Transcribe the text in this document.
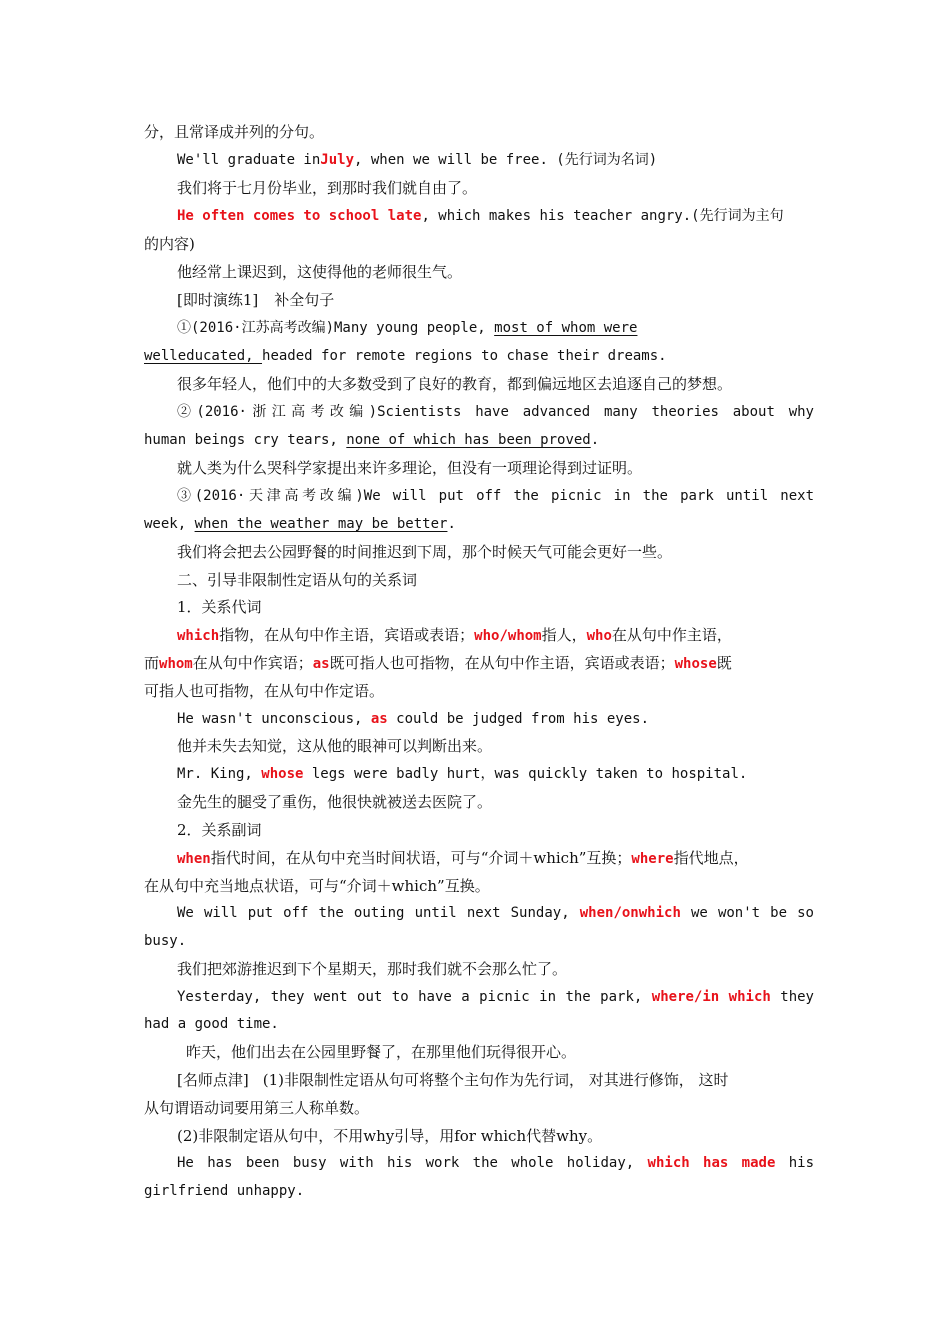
分，且常译成并列的分句。
We'll graduate inJuly, when we will be free. (先行词为名词)
我们将于七月份毕业，到那时我们就自由了。
He often comes to school late, which makes his teacher angry.(先行词为主句
的内容)
他经常上课迟到，这使得他的老师很生气。
[即时演练1] 补全句子
①(2016·江苏高考改编)Many young people, most of whom were
welleducated, headed for remote regions to chase their dreams.
很多年轻人，他们中的大多数受到了良好的教育，都到偏远地区去追逐自己的梦想。
②(2016·浙江高考改编)Scientists have advanced many theories about why
human beings cry tears, none of which has been proved.
就人类为什么哭科学家提出来许多理论，但没有一项理论得到过证明。
③(2016·天津高考改编)We will put off the picnic in the park until next
week, when the weather may be better.
我们将会把去公园野餐的时间推迟到下周，那个时候天气可能会更好一些。
二、引导非限制性定语从句的关系词
1．关系代词
which指物，在从句中作主语，宾语或表语；who/whom指人，who在从句中作主语，
而whom在从句中作宾语；as既可指人也可指物，在从句中作主语，宾语或表语；whose既
可指人也可指物，在从句中作定语。
He wasn't unconscious, as could be judged from his eyes.
他并未失去知觉，这从他的眼神可以判断出来。
Mr. King, whose legs were badly hurt，was quickly taken to hospital.
金先生的腿受了重伤，他很快就被送去医院了。
2．关系副词
when指代时间，在从句中充当时间状语，可与“介词＋which”互换；where指代地点，
在从句中充当地点状语，可与“介词＋which”互换。
We will put off the outing until next Sunday, when/onwhich we won't be so
busy.
我们把郊游推迟到下个星期天，那时我们就不会那么忙了。
Yesterday, they went out to have a picnic in the park, where/in which they
had a good time.
昨天，他们出去在公园里野餐了，在那里他们玩得很开心。
[名师点津] (1)非限制性定语从句可将整个主句作为先行词， 对其进行修饰， 这时
从句谓语动词要用第三人称单数。
(2)非限制定语从句中，不用why引导，用for which代替why。
He has been busy with his work the whole holiday, which has made his
girlfriend unhappy.
